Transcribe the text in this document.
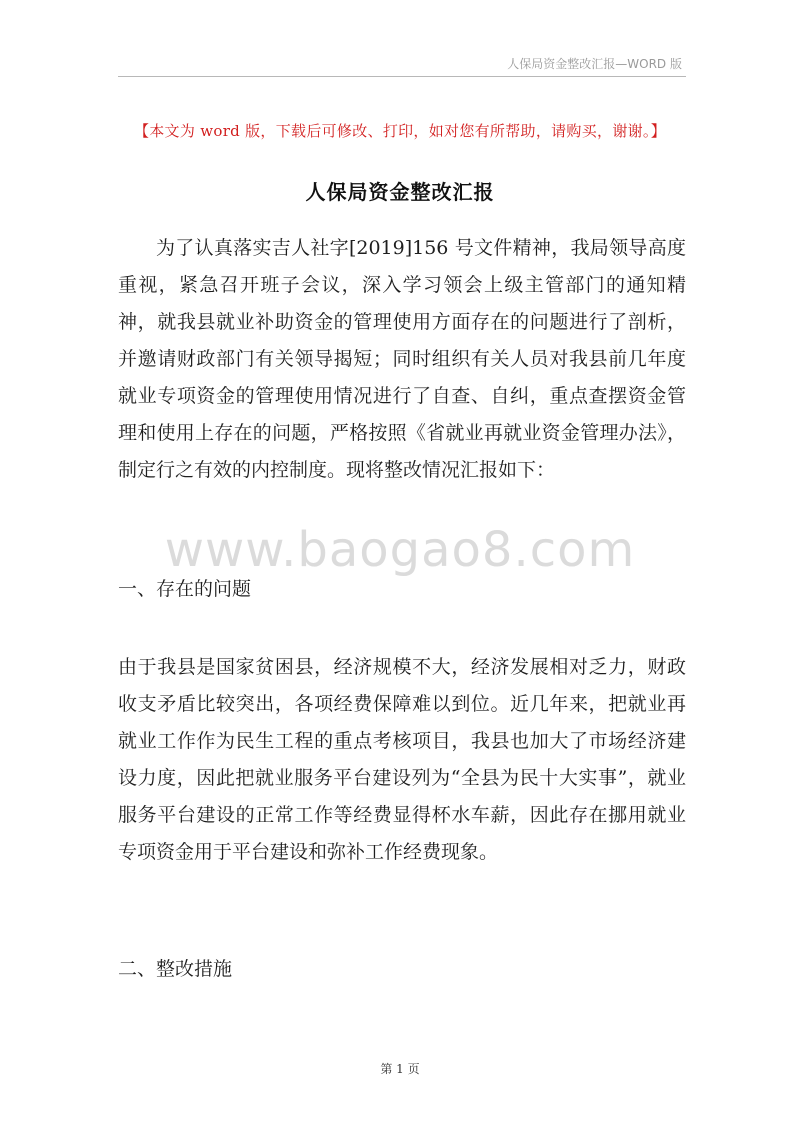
人保局资金整改汇报—WORD 版
【本文为 word 版，下载后可修改、打印，如对您有所帮助，请购买，谢谢。】
人保局资金整改汇报
为了认真落实吉人社字[2019]156 号文件精神，我局领导高度重视，紧急召开班子会议，深入学习领会上级主管部门的通知精神，就我县就业补助资金的管理使用方面存在的问题进行了剖析，并邀请财政部门有关领导揭短；同时组织有关人员对我县前几年度就业专项资金的管理使用情况进行了自查、自纠，重点查摆资金管理和使用上存在的问题，严格按照《省就业再就业资金管理办法》，制定行之有效的内控制度。现将整改情况汇报如下：
www.baogao8.com
一、存在的问题
由于我县是国家贫困县，经济规模不大，经济发展相对乏力，财政收支矛盾比较突出，各项经费保障难以到位。近几年来，把就业再就业工作作为民生工程的重点考核项目，我县也加大了市场经济建设力度，因此把就业服务平台建设列为“全县为民十大实事”，就业服务平台建设的正常工作等经费显得杯水车薪，因此存在挪用就业专项资金用于平台建设和弥补工作经费现象。
二、整改措施
第 1 页
